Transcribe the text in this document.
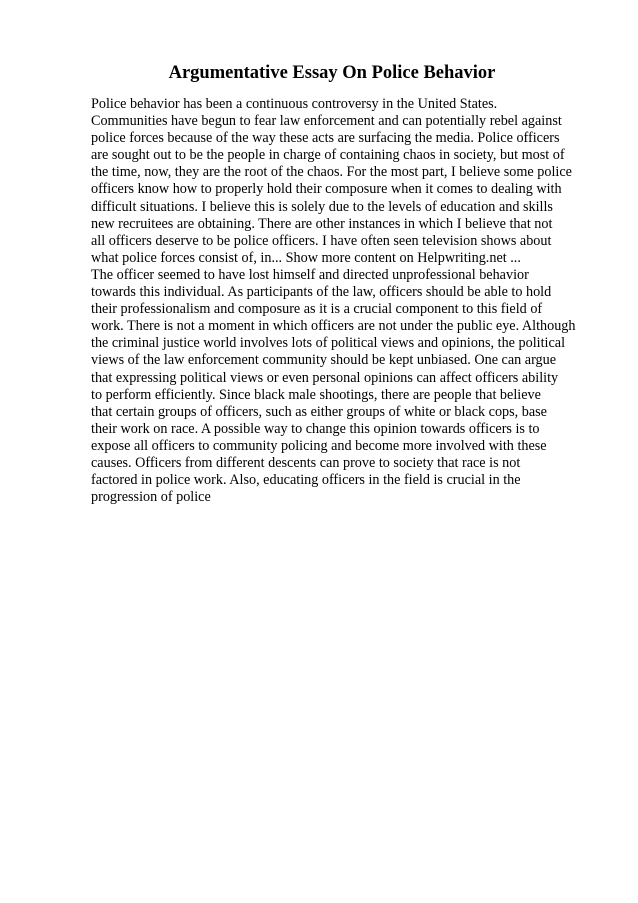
Argumentative Essay On Police Behavior
Police behavior has been a continuous controversy in the United States.
Communities have begun to fear law enforcement and can potentially rebel against
police forces because of the way these acts are surfacing the media. Police officers
are sought out to be the people in charge of containing chaos in society, but most of
the time, now, they are the root of the chaos. For the most part, I believe some police
officers know how to properly hold their composure when it comes to dealing with
difficult situations. I believe this is solely due to the levels of education and skills
new recruitees are obtaining. There are other instances in which I believe that not
all officers deserve to be police officers. I have often seen television shows about
what police forces consist of, in... Show more content on Helpwriting.net ...
The officer seemed to have lost himself and directed unprofessional behavior
towards this individual. As participants of the law, officers should be able to hold
their professionalism and composure as it is a crucial component to this field of
work. There is not a moment in which officers are not under the public eye. Although
the criminal justice world involves lots of political views and opinions, the political
views of the law enforcement community should be kept unbiased. One can argue
that expressing political views or even personal opinions can affect officers ability
to perform efficiently. Since black male shootings, there are people that believe
that certain groups of officers, such as either groups of white or black cops, base
their work on race. A possible way to change this opinion towards officers is to
expose all officers to community policing and become more involved with these
causes. Officers from different descents can prove to society that race is not
factored in police work. Also, educating officers in the field is crucial in the
progression of police
